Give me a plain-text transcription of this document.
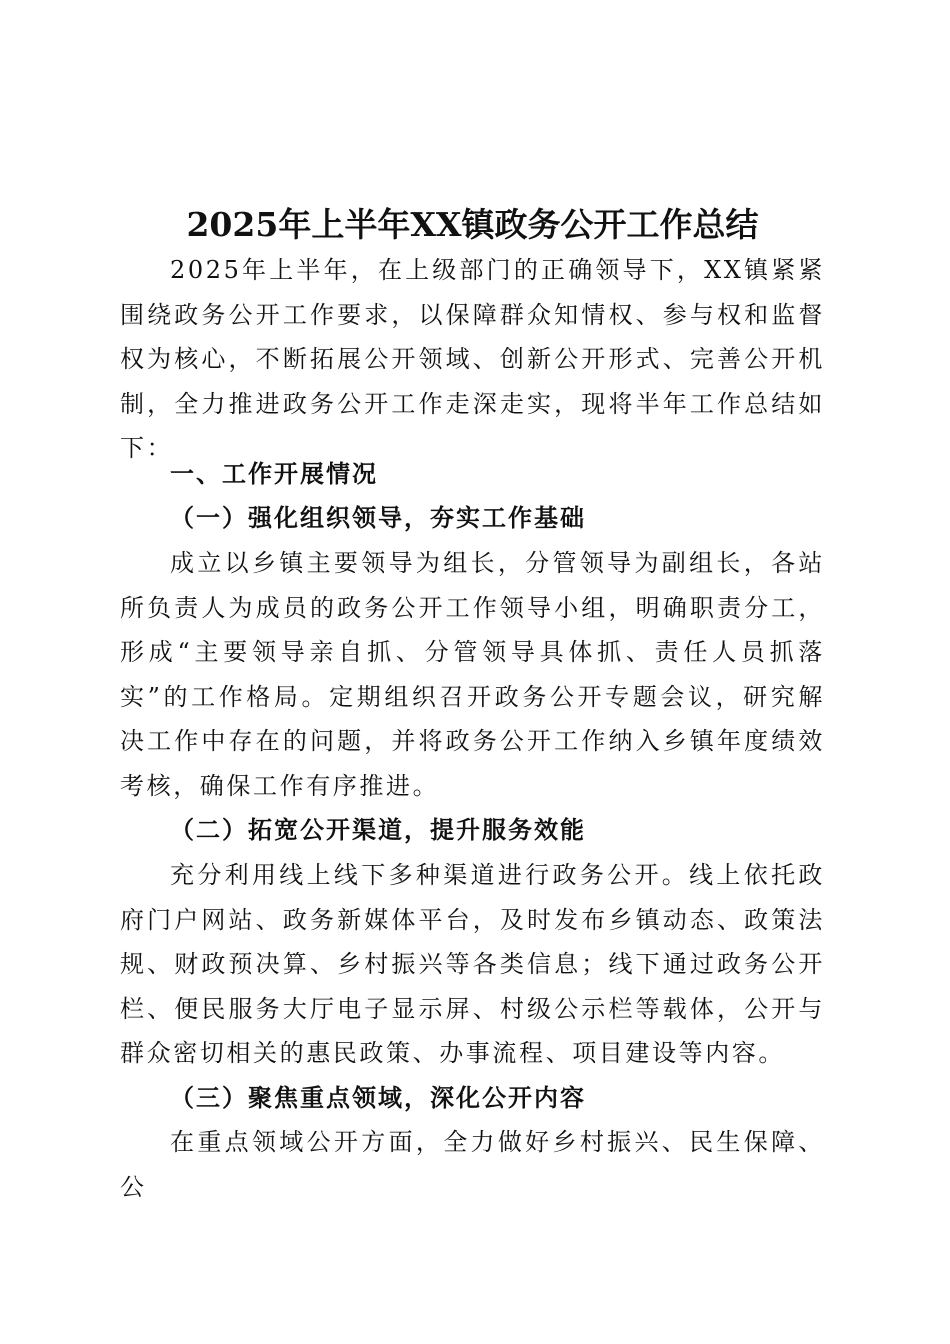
2025年上半年XX镇政务公开工作总结

2025年上半年，在上级部门的正确领导下，XX镇紧紧围绕政务公开工作要求，以保障群众知情权、参与权和监督权为核心，不断拓展公开领域、创新公开形式、完善公开机制，全力推进政务公开工作走深走实，现将半年工作总结如下：

一、工作开展情况
（一）强化组织领导，夯实工作基础

成立以乡镇主要领导为组长，分管领导为副组长，各站所负责人为成员的政务公开工作领导小组，明确职责分工，形成“主要领导亲自抓、分管领导具体抓、责任人员抓落实”的工作格局。定期组织召开政务公开专题会议，研究解决工作中存在的问题，并将政务公开工作纳入乡镇年度绩效考核，确保工作有序推进。

（二）拓宽公开渠道，提升服务效能

充分利用线上线下多种渠道进行政务公开。线上依托政府门户网站、政务新媒体平台，及时发布乡镇动态、政策法规、财政预决算、乡村振兴等各类信息；线下通过政务公开栏、便民服务大厅电子显示屏、村级公示栏等载体，公开与群众密切相关的惠民政策、办事流程、项目建设等内容。

（三）聚焦重点领域，深化公开内容

在重点领域公开方面，全力做好乡村振兴、民生保障、公
